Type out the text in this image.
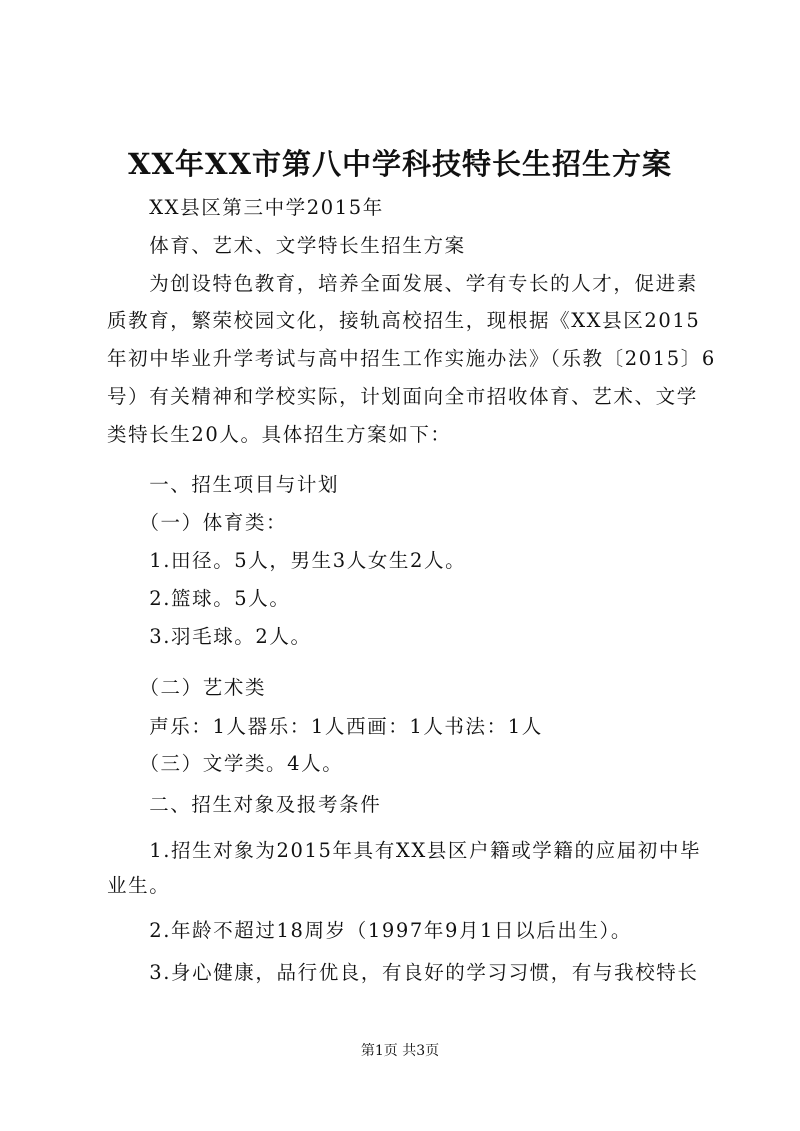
XX年XX市第八中学科技特长生招生方案
　　XX县区第三中学2015年
　　体育、艺术、文学特长生招生方案
　　为创设特色教育，培养全面发展、学有专长的人才，促进素
质教育，繁荣校园文化，接轨高校招生，现根据《XX县区2015
年初中毕业升学考试与高中招生工作实施办法》（乐教〔2015〕6
号）有关精神和学校实际，计划面向全市招收体育、艺术、文学
类特长生20人。具体招生方案如下：
　　一、招生项目与计划
　　（一）体育类：
　　1.田径。5人，男生3人女生2人。
　　2.篮球。5人。
　　3.羽毛球。2人。
　　（二）艺术类
　　声乐：1人器乐：1人西画：1人书法：1人
　　（三）文学类。4人。
　　二、招生对象及报考条件
　　1.招生对象为2015年具有XX县区户籍或学籍的应届初中毕
业生。
　　2.年龄不超过18周岁（1997年9月1日以后出生）。
　　3.身心健康，品行优良，有良好的学习习惯，有与我校特长
第1页 共3页
